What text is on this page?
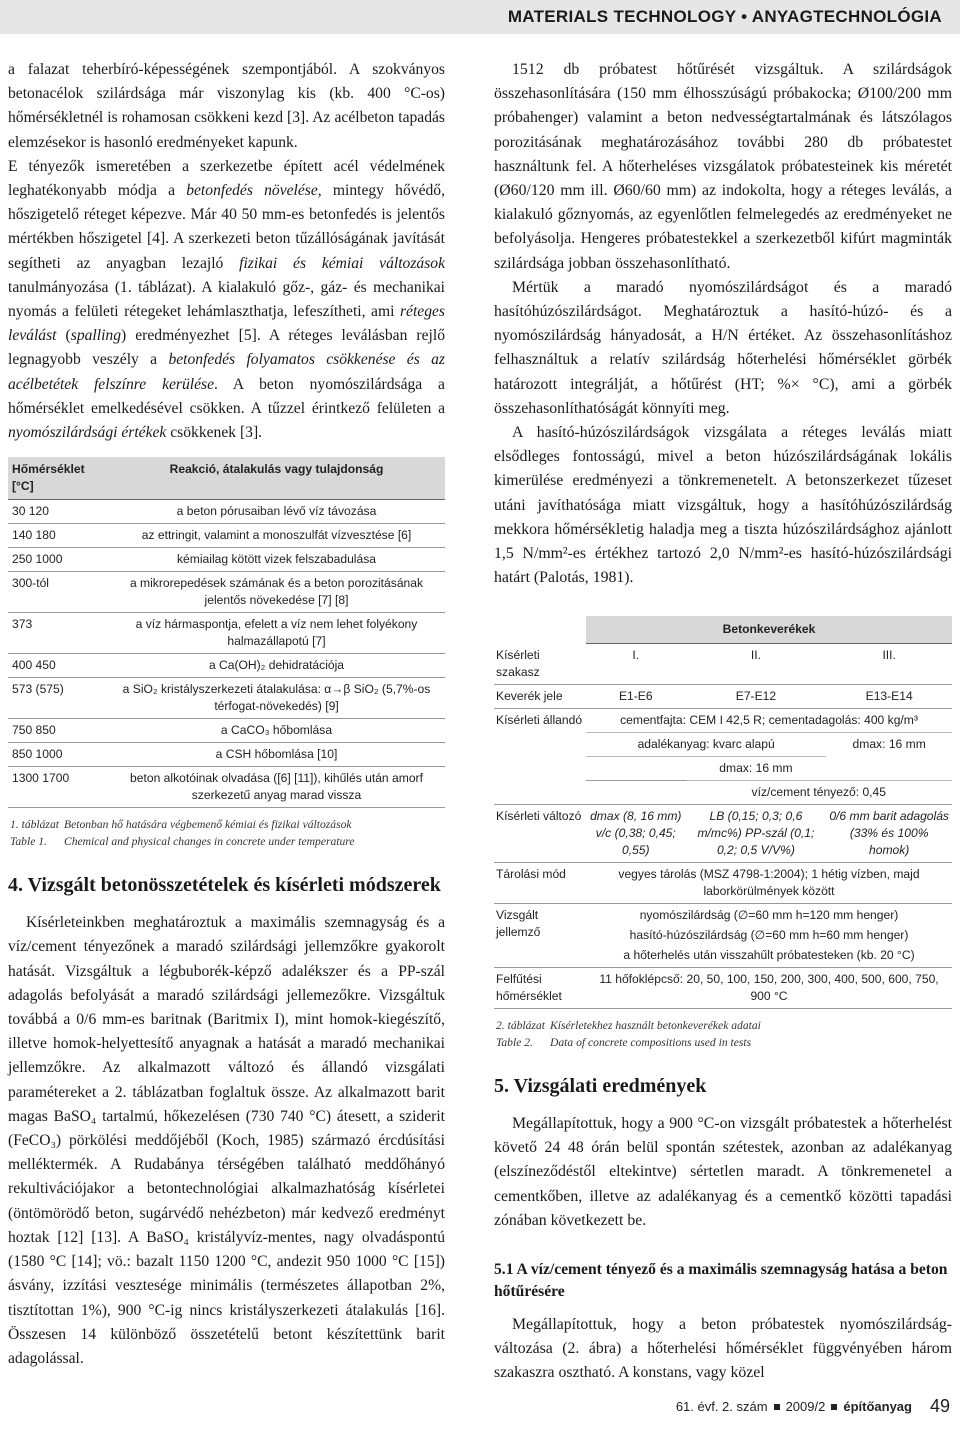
MATERIALS TECHNOLOGY • ANYAGTECHNOLÓGIA

a falazat teherbíró-képességének szempontjából. A szokványos betonacélok szilárdsága már viszonylag kis (kb. 400 °C-os) hőmérsékletnél is rohamosan csökkeni kezd [3]. Az acélbeton tapadás elemzésekor is hasonló eredményeket kapunk.

E tényezők ismeretében a szerkezetbe épített acél védelmének leghatékonyabb módja a betonfedés növelése, mintegy hővédő, hőszigetelő réteget képezve. Már 40 50 mm-es betonfedés is jelentős mértékben hőszigetel [4]. A szerkezeti beton tűzállóságának javítását segítheti az anyagban lezajló fizikai és kémiai változások tanulmányozása (1. táblázat). A kialakuló gőz-, gáz- és mechanikai nyomás a felületi rétegeket lehámlaszthatja, lefeszítheti, ami réteges leválást (spalling) eredményezhet [5]. A réteges leválásban rejlő legnagyobb veszély a betonfedés folyamatos csökkenése és az acélbetétek felszínre kerülése. A beton nyomószilárdsága a hőmérséklet emelkedésével csökken. A tűzzel érintkező felületen a nyomószilárdsági értékek csökkenek [3].

Hőmérséklet [°C]	Reakció, átalakulás vagy tulajdonság
30 120	a beton pórusaiban lévő víz távozása
140 180	az ettringit, valamint a monoszulfát vízvesztése [6]
250 1000	kémiailag kötött vizek felszabadulása
300-tól	a mikrorepedések számának és a beton porozitásának jelentős növekedése [7] [8]
373	a víz hármaspontja, efelett a víz nem lehet folyékony halmazállapotú [7]
400 450	a Ca(OH)₂ dehidratációja
573 (575)	a SiO₂ kristályszerkezeti átalakulása: α→β SiO₂ (5,7%-os térfogat-növekedés) [9]
750 850	a CaCO₃ hőbomlása
850 1000	a CSH hőbomlása [10]
1300 1700	beton alkotóinak olvadása ([6] [11]), kihűlés után amorf szerkezetű anyag marad vissza
1. táblázat Betonban hő hatására végbemenő kémiai és fizikai változások
Table 1.	Chemical and physical changes in concrete under temperature
4. Vizsgált betonösszetételek és kísérleti módszerek

Kísérleteinkben meghatároztuk a maximális szemnagyság és a víz/cement tényezőnek a maradó szilárdsági jellemzőkre gyakorolt hatását. Vizsgáltuk a légbuborék-képző adalékszer és a PP-szál adagolás befolyását a maradó szilárdsági jellemezőkre. Vizsgáltuk továbbá a 0/6 mm-es baritnak (Baritmix I), mint homok-kiegészítő, illetve homok-helyettesítő anyagnak a hatását a maradó mechanikai jellemzőkre. Az alkalmazott változó és állandó vizsgálati paramétereket a 2. táblázatban foglaltuk össze. Az alkalmazott barit magas BaSO₄ tartalmú, hőkezelésen (730 740 °C) átesett, a sziderit (FeCO₃) pörkölési meddőjéből (Koch, 1985) származó ércdúsítási melléktermék. A Rudabánya térségében található meddőhányó rekultivációjakor a betontechnológiai alkalmazhatóság kísérletei (öntömörödő beton, sugárvédő nehézbeton) már kedvező eredményt hoztak [12] [13]. A BaSO₄ kristályvíz-mentes, nagy olvadáspontú (1580 °C [14]; vö.: bazalt 1150 1200 °C, andezit 950 1000 °C [15]) ásvány, izzítási vesztesége minimális (természetes állapotban 2%, tisztítottan 1%), 900 °C-ig nincs kristályszerkezeti átalakulás [16]. Összesen 14 különböző összetételű betont készítettünk barit adagolással.

1512 db próbatest hőtűrését vizsgáltuk. A szilárdságok összehasonlítására (150 mm élhosszúságú próbakocka; Ø100/200 mm próbahenger) valamint a beton nedvességtartalmának és látszólagos porozitásának meghatározásához további 280 db próbatestet használtunk fel. A hőterheléses vizsgálatok próbatesteinek kis méretét (Ø60/120 mm ill. Ø60/60 mm) az indokolta, hogy a réteges leválás, a kialakuló gőznyomás, az egyenlőtlen felmelegedés az eredményeket ne befolyásolja. Hengeres próbatestekkel a szerkezetből kifúrt magminták szilárdsága jobban összehasonlítható.

Mértük a maradó nyomószilárdságot és a maradó hasítóhúzószilárdságot. Meghatároztuk a hasító-húzó- és a nyomószilárdság hányadosát, a H/N értéket. Az összehasonlításhoz felhasználtuk a relatív szilárdság hőterhelési hőmérséklet görbék határozott integrálját, a hőtűrést (HT; %× °C), ami a görbék összehasonlíthatóságát könnyíti meg.

A hasító-húzószilárdságok vizsgálata a réteges leválás miatt elsődleges fontosságú, mivel a beton húzószilárdságának lokális kimerülése eredményezi a tönkremenetelt. A betonszerkezet tűzeset utáni javíthatósága miatt vizsgáltuk, hogy a hasítóhúzószilárdság mekkora hőmérsékletig haladja meg a tiszta húzószilárdsághoz ajánlott 1,5 N/mm²-es értékhez tartozó 2,0 N/mm²-es hasító-húzószilárdsági határt (Palotás, 1981).

	Betonkeverékek		
Kísérleti szakasz	I.	II.	III.
Keverék jele	E1-E6	E7-E12	E13-E14
Kísérleti állandó	cementfajta: CEM I 42,5 R; cementadagolás: 400 kg/m³		
	adalékanyag: kvarc alapú		dmax: 16 mm
		dmax: 16 mm	
		víz/cement tényező: 0,45	
Kísérleti változó	dmax (8, 16 mm) v/c (0,38; 0,45; 0,55)	LB (0,15; 0,3; 0,6 m/mc%) PP-szál (0,1; 0,2; 0,5 V/V%)	0/6 mm barit adagolás (33% és 100% homok)
Tárolási mód	vegyes tárolás (MSZ 4798-1:2004); 1 hétig vízben, majd laborkörülmények között		
Vizsgált jellemző	nyomószilárdság (∅=60 mm h=120 mm henger)		
	hasító-húzószilárdság (∅=60 mm h=60 mm henger)		
	a hőterhelés után visszahűlt próbatesteken (kb. 20 °C)		
Felfűtési hőmérséklet	11 hőfoklépcső: 20, 50, 100, 150, 200, 300, 400, 500, 600, 750, 900 °C		
2. táblázat Kísérletekhez használt betonkeverékek adatai
Table 2.	Data of concrete compositions used in tests
5. Vizsgálati eredmények

Megállapítottuk, hogy a 900 °C-on vizsgált próbatestek a hőterhelést követő 24 48 órán belül spontán szétestek, azonban az adalékanyag (elszíneződéstől eltekintve) sértetlen maradt. A tönkremenetel a cementkőben, illetve az adalékanyag és a cementkő közötti tapadási zónában következett be.

5.1 A víz/cement tényező és a maximális szemnagyság hatása a beton hőtűrésére

Megállapítottuk, hogy a beton próbatestek nyomószilárdság-változása (2. ábra) a hőterhelési hőmérséklet függvényében három szakaszra osztható. A konstans, vagy közel

61. évf. 2. szám 2009/2 építőanyag 49
